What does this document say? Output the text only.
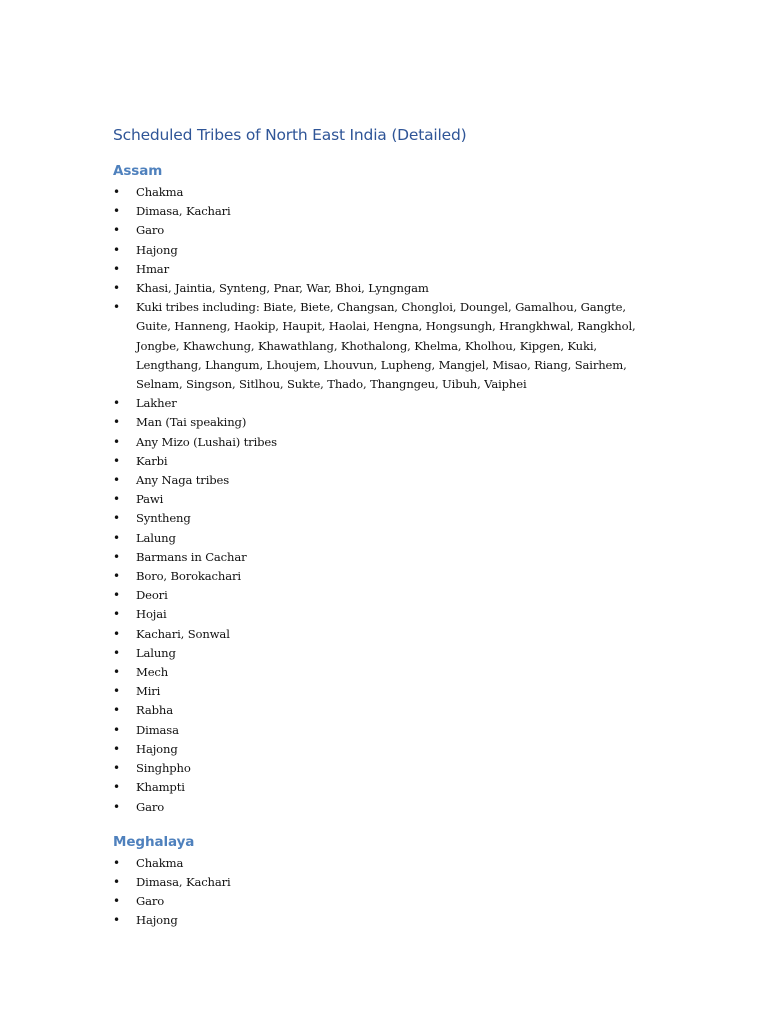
Scheduled Tribes of North East India (Detailed)
Assam
• Chakma
• Dimasa, Kachari
• Garo
• Hajong
• Hmar
• Khasi, Jaintia, Synteng, Pnar, War, Bhoi, Lyngngam
• Kuki tribes including: Biate, Biete, Changsan, Chongloi, Doungel, Gamalhou, Gangte, Guite, Hanneng, Haokip, Haupit, Haolai, Hengna, Hongsungh, Hrangkhwal, Rangkhol, Jongbe, Khawchung, Khawathlang, Khothalong, Khelma, Kholhou, Kipgen, Kuki, Lengthang, Lhangum, Lhoujem, Lhouvun, Lupheng, Mangjel, Misao, Riang, Sairhem, Selnam, Singson, Sitlhou, Sukte, Thado, Thangngeu, Uibuh, Vaiphei
• Lakher
• Man (Tai speaking)
• Any Mizo (Lushai) tribes
• Karbi
• Any Naga tribes
• Pawi
• Syntheng
• Lalung
• Barmans in Cachar
• Boro, Borokachari
• Deori
• Hojai
• Kachari, Sonwal
• Lalung
• Mech
• Miri
• Rabha
• Dimasa
• Hajong
• Singhpho
• Khampti
• Garo
Meghalaya
• Chakma
• Dimasa, Kachari
• Garo
• Hajong
